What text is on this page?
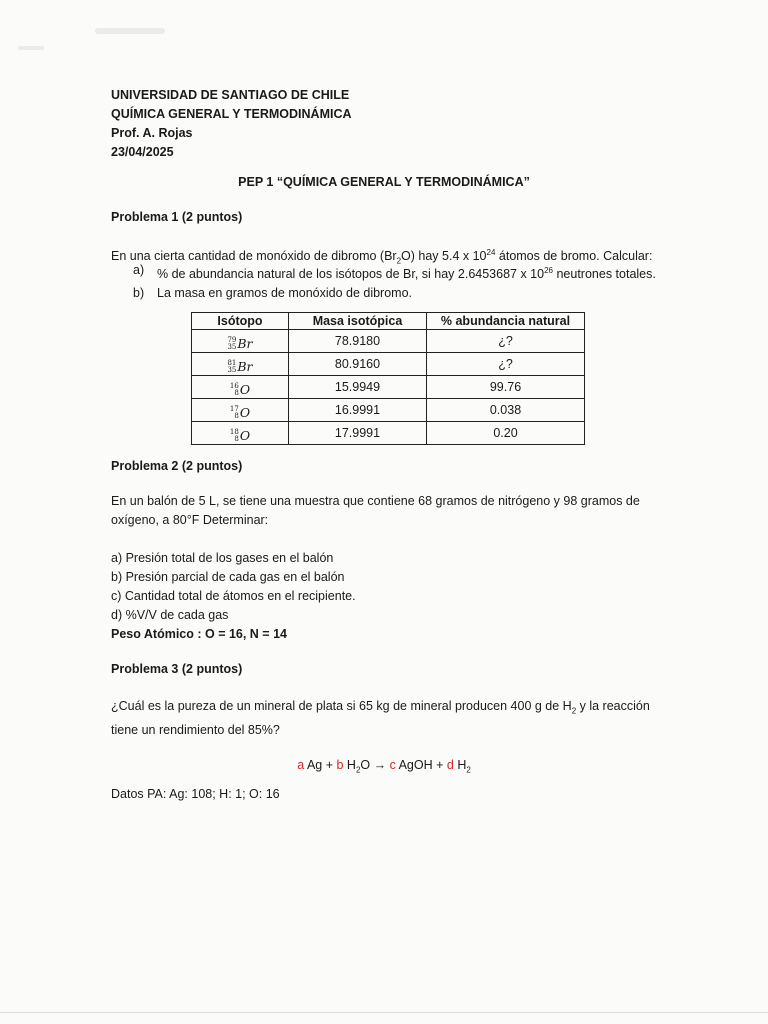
UNIVERSIDAD DE SANTIAGO DE CHILE
QUÍMICA GENERAL Y TERMODINÁMICA
Prof. A. Rojas
23/04/2025
PEP 1 “QUÍMICA GENERAL Y TERMODINÁMICA”
Problema 1 (2 puntos)
En una cierta cantidad de monóxido de dibromo $(Br_2O)$ hay 5.4 x $10^{24}$ átomos de bromo. Calcular:
a)	% de abundancia natural de los isótopos de Br, si hay 2.6453687 x $10^{26}$ neutrones totales.
b)	La masa en gramos de monóxido de dibromo.
Isótopo	Masa isotópica	% abundancia natural

79
35 Br	78.9180	¿?

81
35 Br	80.9160	¿?

16
8 O	15.9949	99.76

17
8 O	16.9991	0.038

18
8 O	17.9991	0.20
Problema 2 (2 puntos)
En un balón de 5 L, se tiene una muestra que contiene 68 gramos de nitrógeno y 98 gramos de
oxígeno, a 80°F Determinar:
a) Presión total de los gases en el balón
b) Presión parcial de cada gas en el balón
c) Cantidad total de átomos en el recipiente.
d) %V/V de cada gas
Peso Atómico : O = 16, N = 14
Problema 3 (2 puntos)
¿Cuál es la pureza de un mineral de plata si 65 kg de mineral producen 400 g de $H_2$ y la reacción
tiene un rendimiento del 85%?
a Ag + b $H_2O \to c$ AgOH + d $H_2$
Datos PA: Ag: 108; H: 1; O: 16
